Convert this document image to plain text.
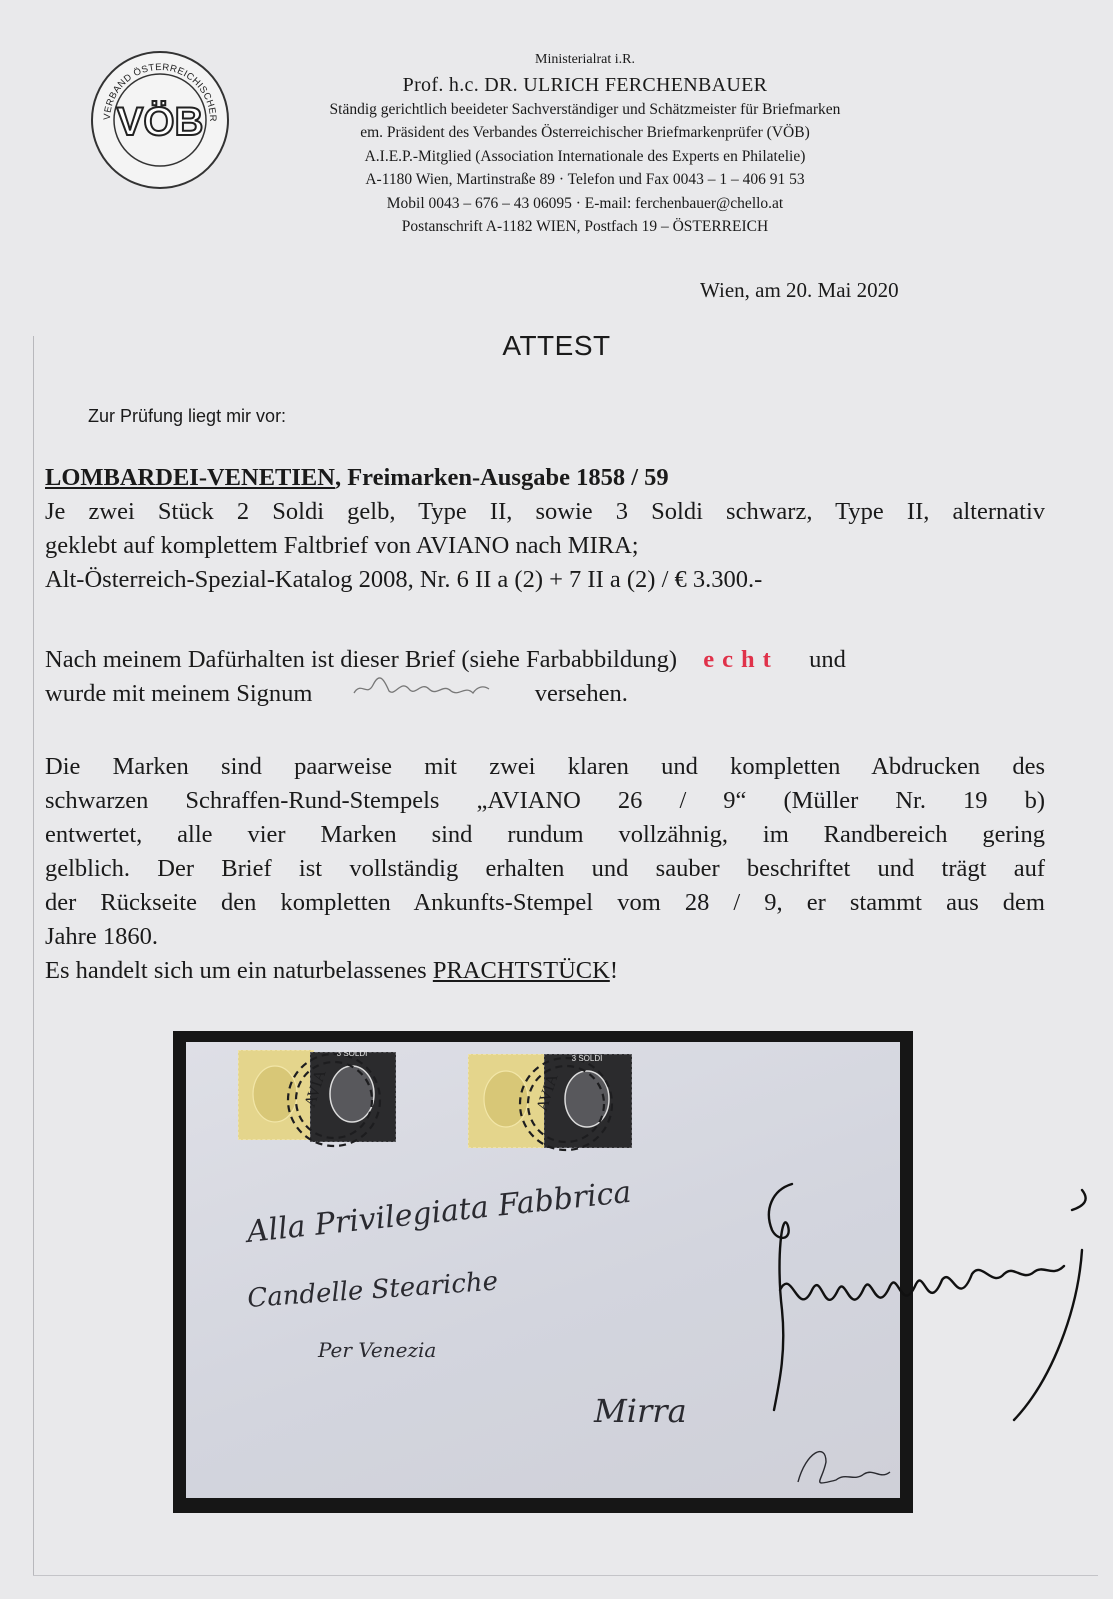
VERBAND ÖSTERREICHISCHER
VÖB
Ministerialrat i.R.
Prof. h.c. DR. ULRICH FERCHENBAUER
Ständig gerichtlich beeideter Sachverständiger und Schätzmeister für Briefmarken
em. Präsident des Verbandes Österreichischer Briefmarkenprüfer (VÖB)
A.I.E.P.-Mitglied (Association Internationale des Experts en Philatelie)
A-1180 Wien, Martinstraße 89 · Telefon und Fax 0043 – 1 – 406 91 53
Mobil 0043 – 676 – 43 06095 · E-mail: ferchenbauer@chello.at
Postanschrift A-1182 WIEN, Postfach 19 – ÖSTERREICH
Wien, am 20. Mai 2020
ATTEST
Zur Prüfung liegt mir vor:
LOMBARDEI-VENETIEN, Freimarken-Ausgabe 1858 / 59
Je zwei Stück 2 Soldi gelb, Type II, sowie 3 Soldi schwarz, Type II, alternativ
geklebt auf komplettem Faltbrief von AVIANO nach MIRA;
Alt-Österreich-Spezial-Katalog 2008, Nr. 6 II a (2) + 7 II a (2) / € 3.300.-
Nach meinem Dafürhalten ist dieser Brief (siehe Farbabbildung) echt und
wurde mit meinem Signum	versehen.
Die Marken sind paarweise mit zwei klaren und kompletten Abdrucken des
schwarzen Schraffen-Rund-Stempels „AVIANO 26 / 9“ (Müller Nr. 19 b)
entwertet, alle vier Marken sind rundum vollzähnig, im Randbereich gering
gelblich. Der Brief ist vollständig erhalten und sauber beschriftet und trägt auf
der Rückseite den kompletten Ankunfts-Stempel vom 28 / 9, er stammt aus dem
Jahre 1860.
Es handelt sich um ein naturbelassenes PRACHTSTÜCK!
AVIA	AVIA
3 SOLDI
3 SOLDI
Alla Privilegiata Fabbrica
Candelle Steariche
Per Venezia
Mirra
